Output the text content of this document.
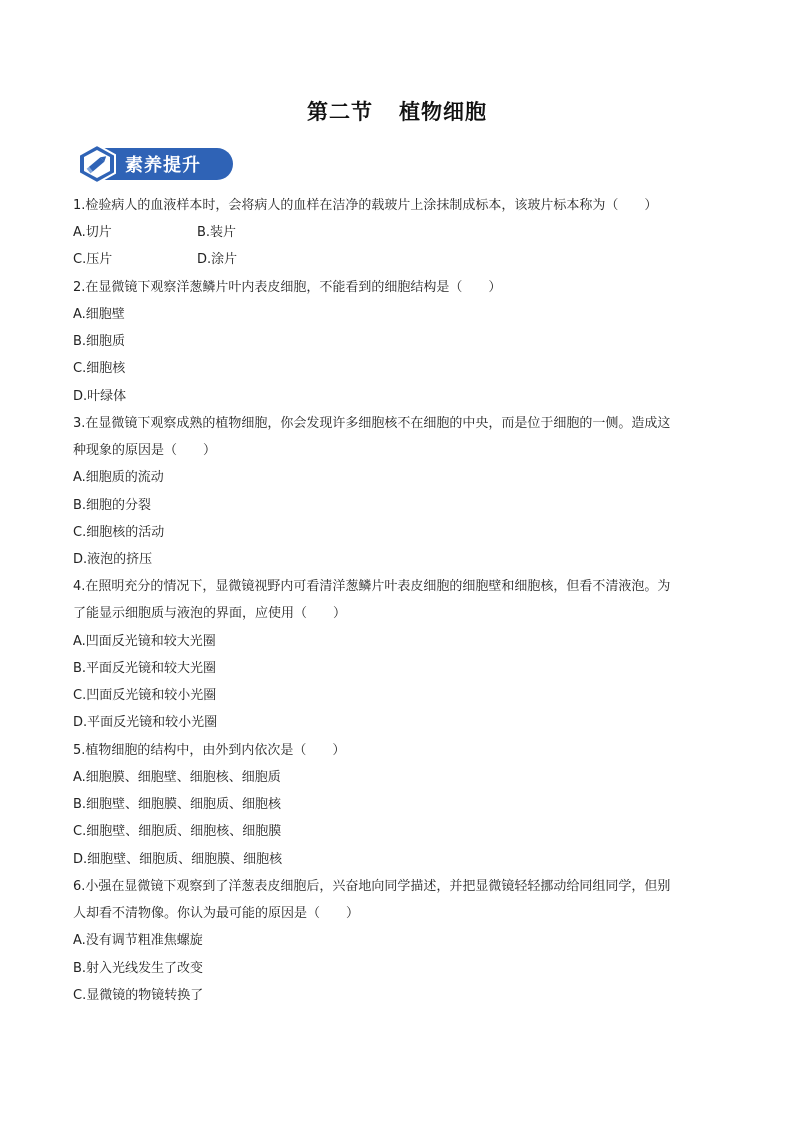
第二节 植物细胞
素养提升
1.检验病人的血液样本时，会将病人的血样在洁净的载玻片上涂抹制成标本，该玻片标本称为（　　）
A.切片	B.装片
C.压片	D.涂片
2.在显微镜下观察洋葱鳞片叶内表皮细胞，不能看到的细胞结构是（　　）
A.细胞壁
B.细胞质
C.细胞核
D.叶绿体
3.在显微镜下观察成熟的植物细胞，你会发现许多细胞核不在细胞的中央，而是位于细胞的一侧。造成这
种现象的原因是（　　）
A.细胞质的流动
B.细胞的分裂
C.细胞核的活动
D.液泡的挤压
4.在照明充分的情况下，显微镜视野内可看清洋葱鳞片叶表皮细胞的细胞壁和细胞核，但看不清液泡。为
了能显示细胞质与液泡的界面，应使用（　　）
A.凹面反光镜和较大光圈
B.平面反光镜和较大光圈
C.凹面反光镜和较小光圈
D.平面反光镜和较小光圈
5.植物细胞的结构中，由外到内依次是（　　）
A.细胞膜、细胞壁、细胞核、细胞质
B.细胞壁、细胞膜、细胞质、细胞核
C.细胞壁、细胞质、细胞核、细胞膜
D.细胞壁、细胞质、细胞膜、细胞核
6.小强在显微镜下观察到了洋葱表皮细胞后，兴奋地向同学描述，并把显微镜轻轻挪动给同组同学，但别
人却看不清物像。你认为最可能的原因是（　　）
A.没有调节粗准焦螺旋
B.射入光线发生了改变
C.显微镜的物镜转换了
